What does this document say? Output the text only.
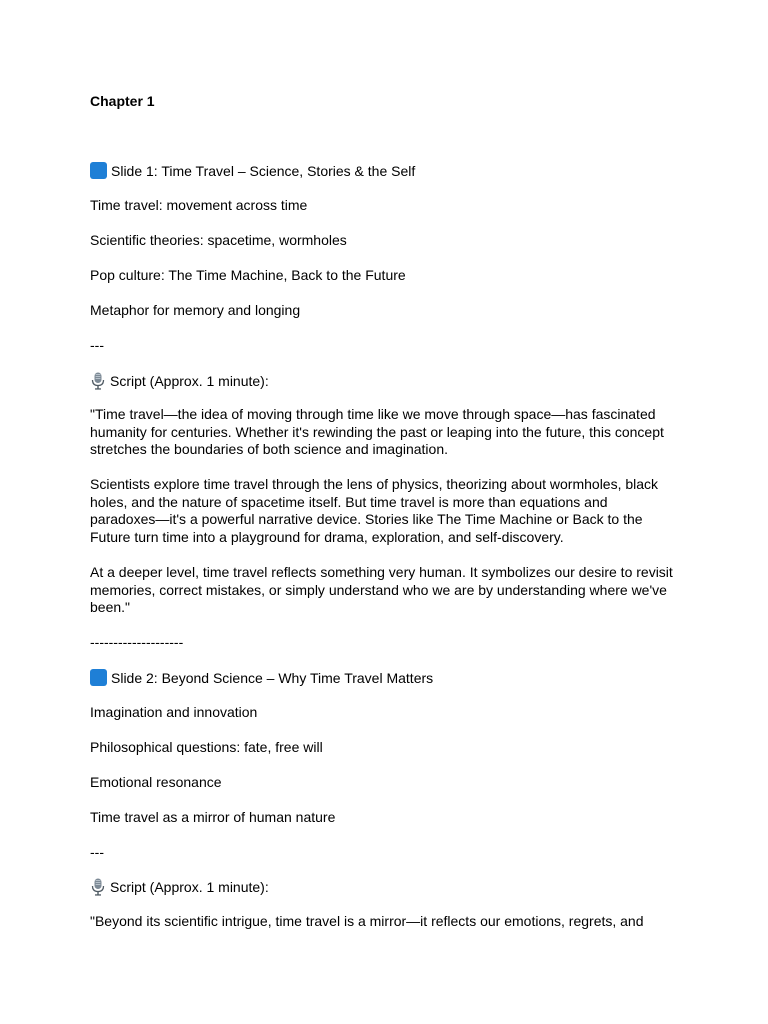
Chapter 1

Slide 1: Time Travel – Science, Stories & the Self

Time travel: movement across time

Scientific theories: spacetime, wormholes

Pop culture: The Time Machine, Back to the Future

Metaphor for memory and longing

---

Script (Approx. 1 minute):

"Time travel—the idea of moving through time like we move through space—has fascinated
humanity for centuries. Whether it's rewinding the past or leaping into the future, this concept
stretches the boundaries of both science and imagination.
Scientists explore time travel through the lens of physics, theorizing about wormholes, black
holes, and the nature of spacetime itself. But time travel is more than equations and
paradoxes—it's a powerful narrative device. Stories like The Time Machine or Back to the
Future turn time into a playground for drama, exploration, and self-discovery.
At a deeper level, time travel reflects something very human. It symbolizes our desire to revisit
memories, correct mistakes, or simply understand who we are by understanding where we've
been."

--------------------

Slide 2: Beyond Science – Why Time Travel Matters

Imagination and innovation

Philosophical questions: fate, free will

Emotional resonance

Time travel as a mirror of human nature

---

Script (Approx. 1 minute):

"Beyond its scientific intrigue, time travel is a mirror—it reflects our emotions, regrets, and
